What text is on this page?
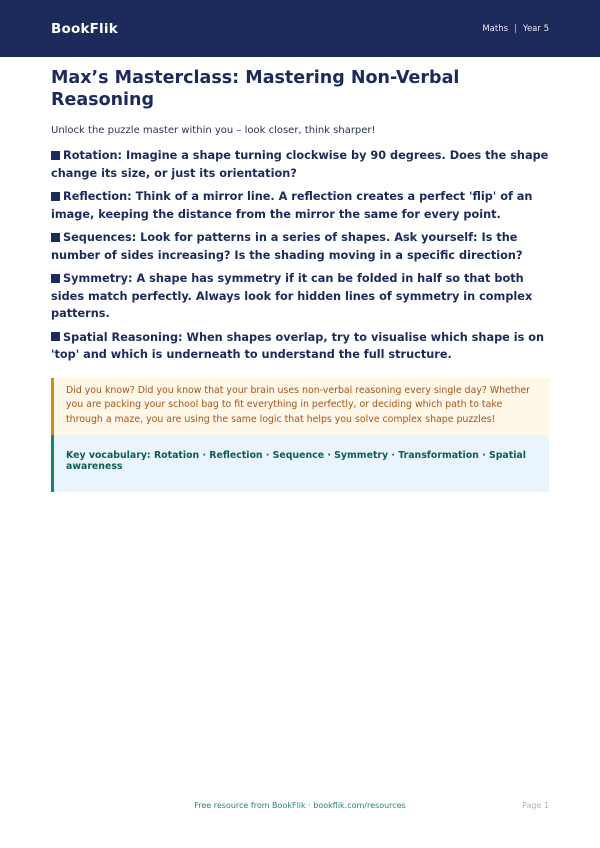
BookFlik	Maths | Year 5
Max’s Masterclass: Mastering Non-Verbal Reasoning

Unlock the puzzle master within you – look closer, think sharper!

Rotation: Imagine a shape turning clockwise by 90 degrees. Does the shape change its size, or just its orientation?

Reflection: Think of a mirror line. A reflection creates a perfect 'flip' of an image, keeping the distance from the mirror the same for every point.

Sequences: Look for patterns in a series of shapes. Ask yourself: Is the number of sides increasing? Is the shading moving in a specific direction?

Symmetry: A shape has symmetry if it can be folded in half so that both sides match perfectly. Always look for hidden lines of symmetry in complex patterns.

Spatial Reasoning: When shapes overlap, try to visualise which shape is on 'top' and which is underneath to understand the full structure.

Did you know? Did you know that your brain uses non-verbal reasoning every single day? Whether you are packing your school bag to fit everything in perfectly, or deciding which path to take through a maze, you are using the same logic that helps you solve complex shape puzzles!

Key vocabulary: Rotation · Reflection · Sequence · Symmetry · Transformation · Spatial awareness

Free resource from BookFlik · bookflik.com/resources	Page 1
